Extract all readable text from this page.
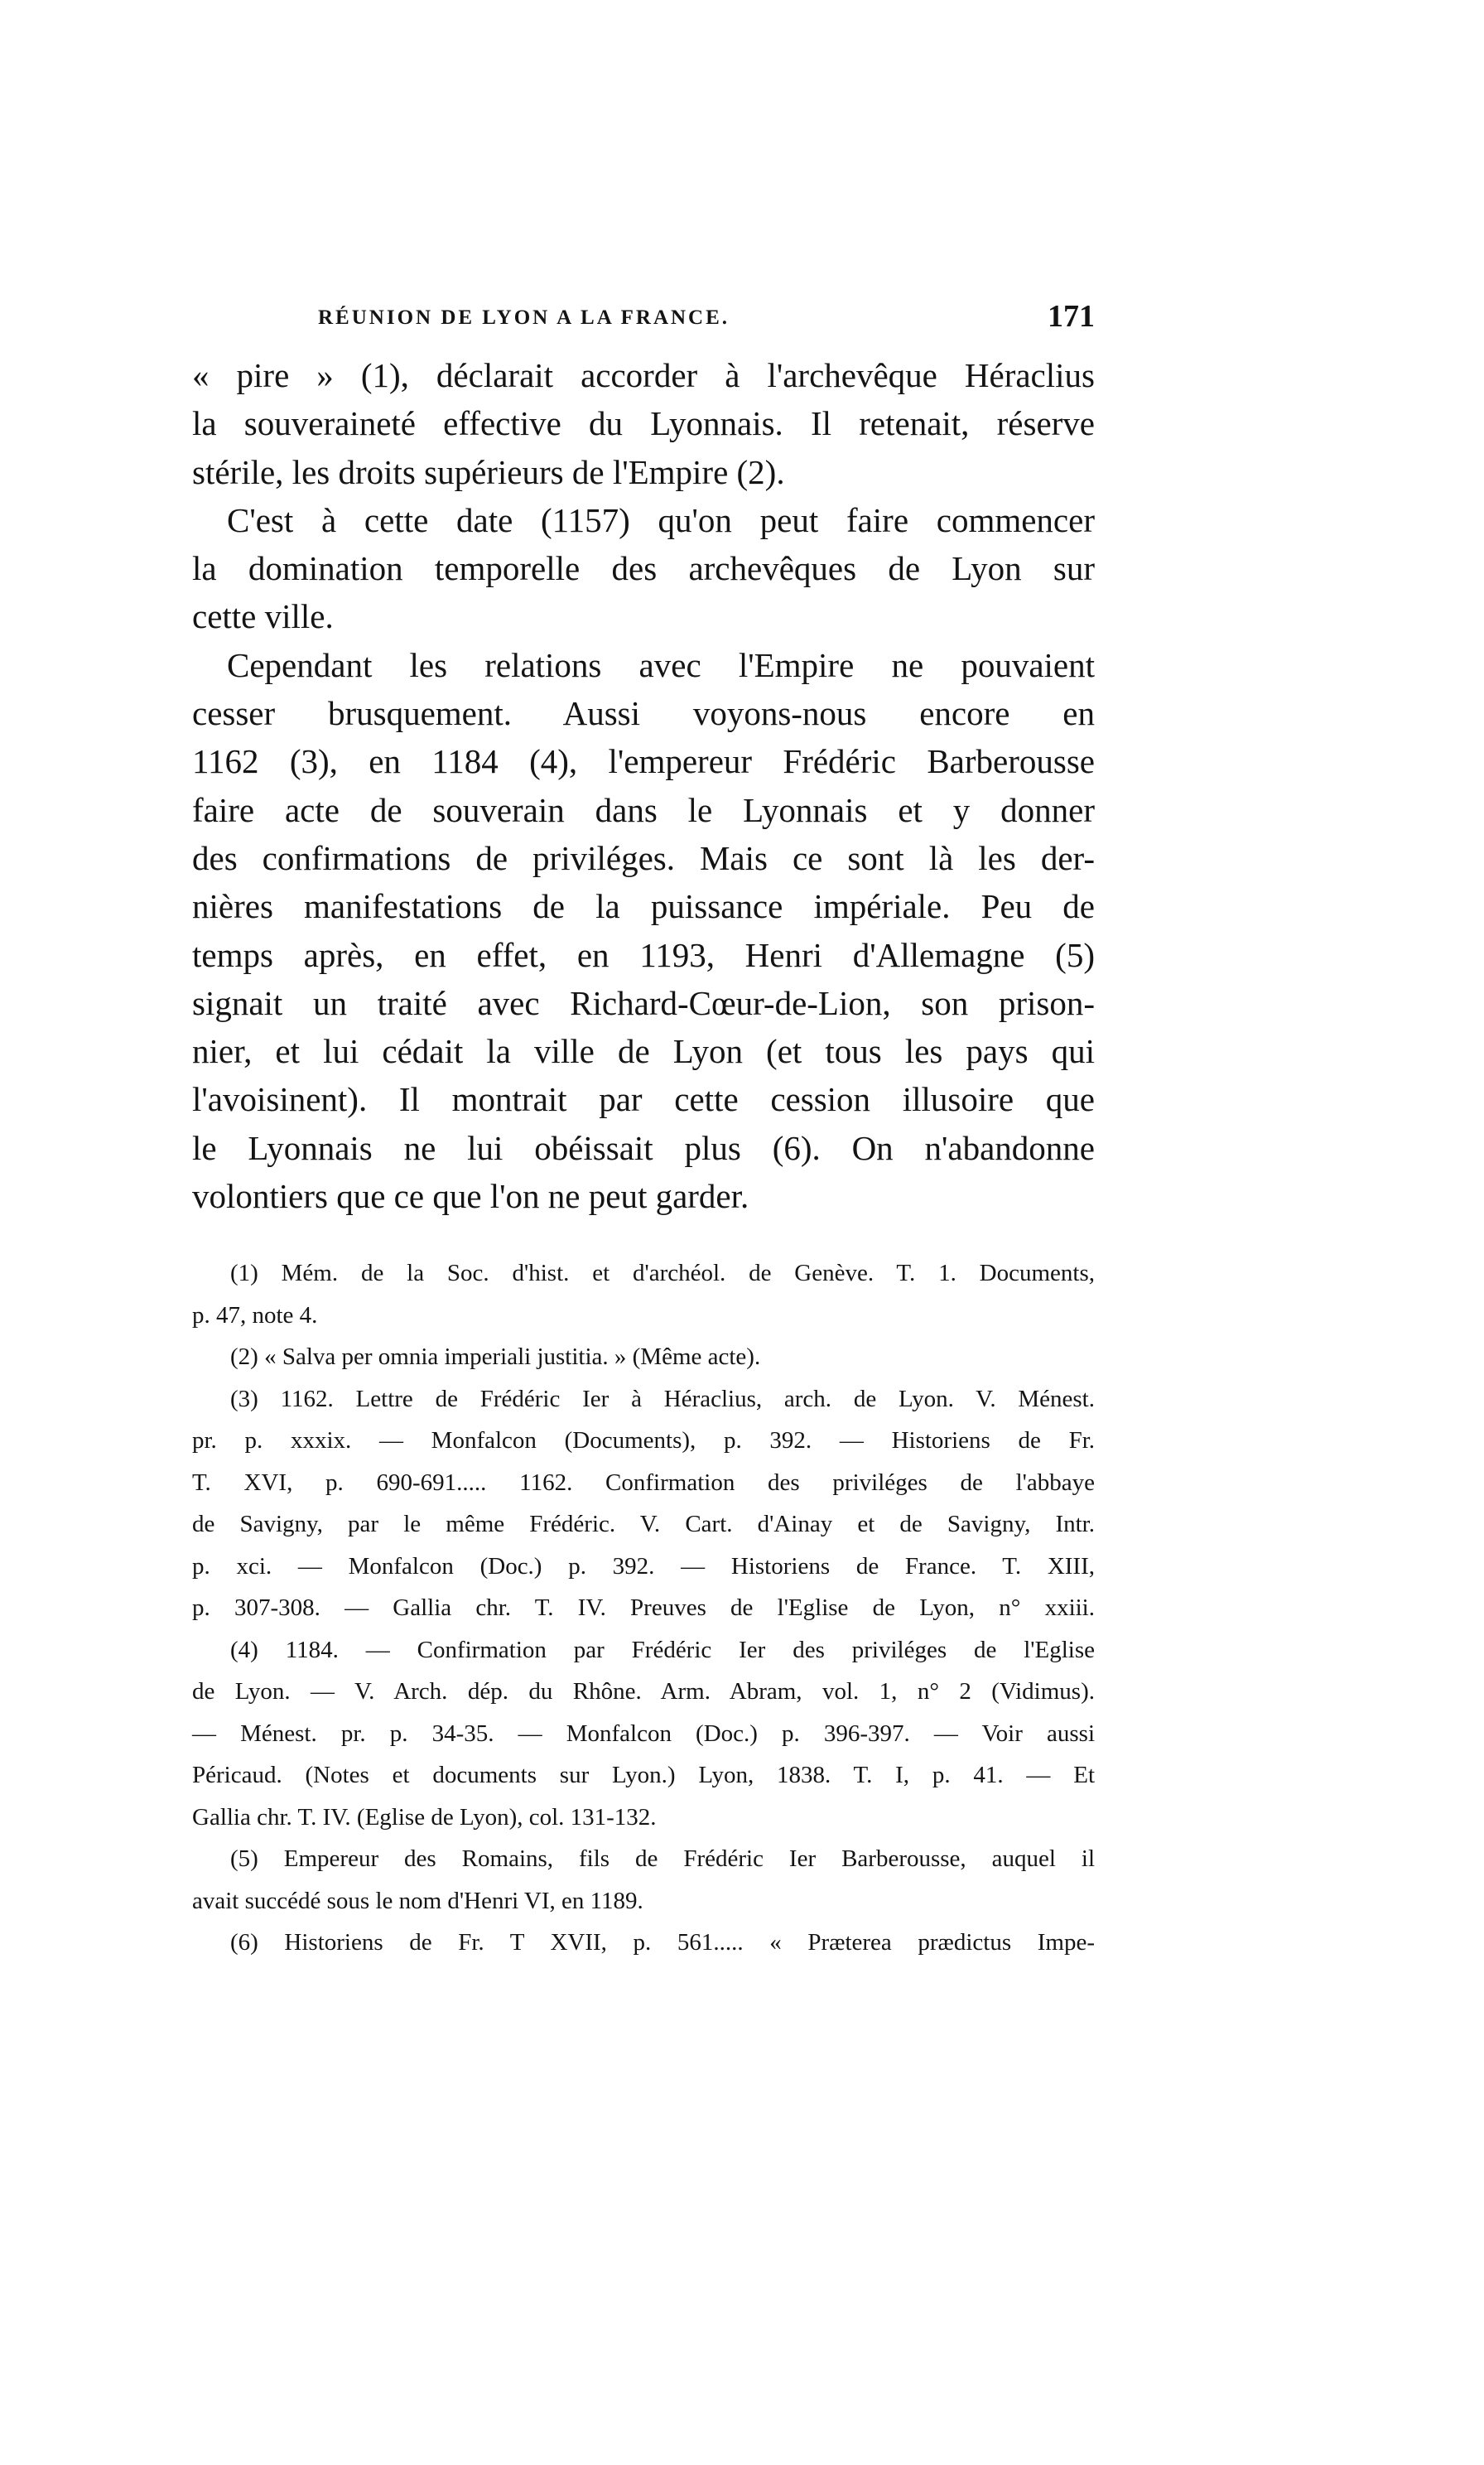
RÉUNION DE LYON A LA FRANCE.	171
« pire » (1), déclarait accorder à l'archevêque Héraclius
la souveraineté effective du Lyonnais. Il retenait, réserve
stérile, les droits supérieurs de l'Empire (2).
C'est à cette date (1157) qu'on peut faire commencer
la domination temporelle des archevêques de Lyon sur
cette ville.
Cependant les relations avec l'Empire ne pouvaient
cesser brusquement. Aussi voyons-nous encore en
1162 (3), en 1184 (4), l'empereur Frédéric Barberousse
faire acte de souverain dans le Lyonnais et y donner
des confirmations de priviléges. Mais ce sont là les der-
nières manifestations de la puissance impériale. Peu de
temps après, en effet, en 1193, Henri d'Allemagne (5)
signait un traité avec Richard-Cœur-de-Lion, son prison-
nier, et lui cédait la ville de Lyon (et tous les pays qui
l'avoisinent). Il montrait par cette cession illusoire que
le Lyonnais ne lui obéissait plus (6). On n'abandonne
volontiers que ce que l'on ne peut garder.
(1) Mém. de la Soc. d'hist. et d'archéol. de Genève. T. 1. Documents,
p. 47, note 4.
(2) « Salva per omnia imperiali justitia. » (Même acte).
(3) 1162. Lettre de Frédéric Ier à Héraclius, arch. de Lyon. V. Ménest.
pr. p. xxxix. — Monfalcon (Documents), p. 392. — Historiens de Fr.
T. XVI, p. 690-691..... 1162. Confirmation des priviléges de l'abbaye
de Savigny, par le même Frédéric. V. Cart. d'Ainay et de Savigny, Intr.
p. xci. — Monfalcon (Doc.) p. 392. — Historiens de France. T. XIII,
p. 307-308. — Gallia chr. T. IV. Preuves de l'Eglise de Lyon, n° xxiii.
(4) 1184. — Confirmation par Frédéric Ier des priviléges de l'Eglise
de Lyon. — V. Arch. dép. du Rhône. Arm. Abram, vol. 1, n° 2 (Vidimus).
— Ménest. pr. p. 34-35. — Monfalcon (Doc.) p. 396-397. — Voir aussi
Péricaud. (Notes et documents sur Lyon.) Lyon, 1838. T. I, p. 41. — Et
Gallia chr. T. IV. (Eglise de Lyon), col. 131-132.
(5) Empereur des Romains, fils de Frédéric Ier Barberousse, auquel il
avait succédé sous le nom d'Henri VI, en 1189.
(6) Historiens de Fr. T XVII, p. 561..... « Præterea prædictus Impe-
